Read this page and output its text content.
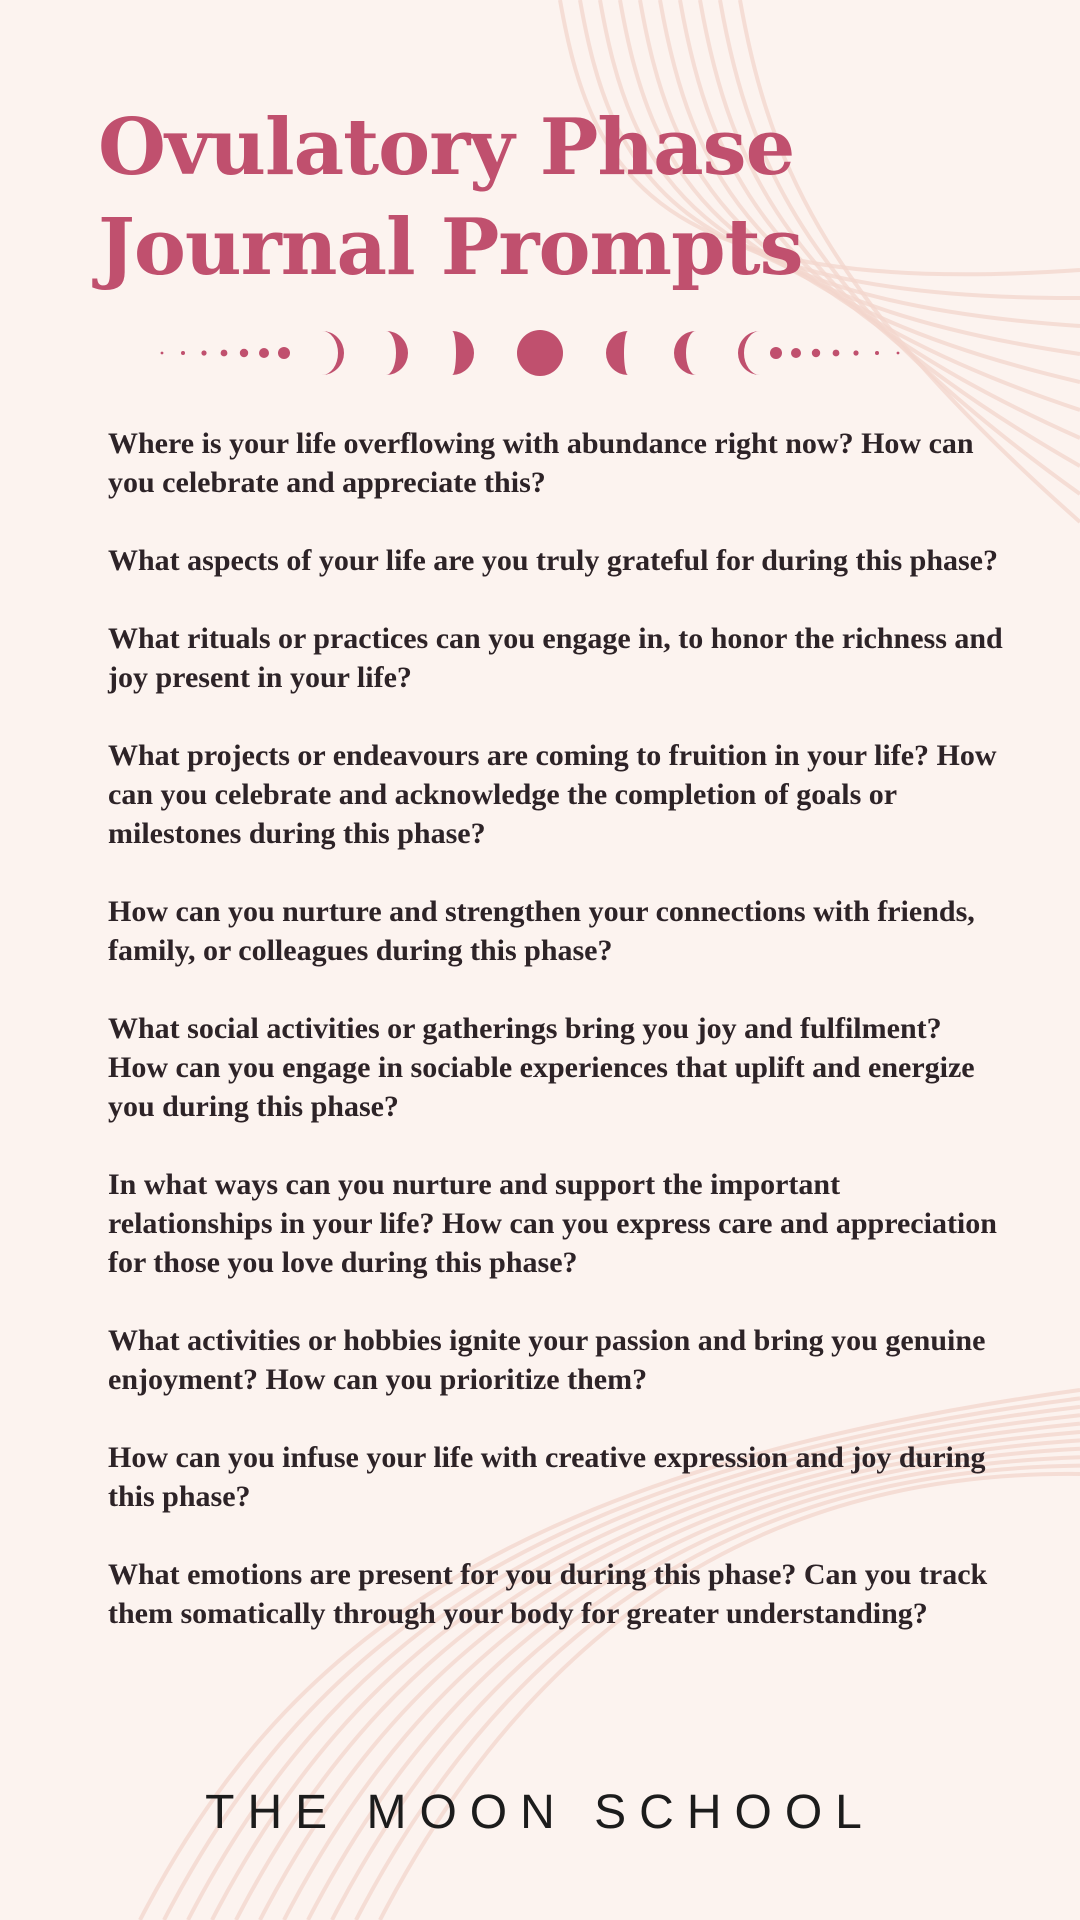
Ovulatory Phase
Journal Prompts
Where is your life overflowing with abundance right now? How can you celebrate and appreciate this?
What aspects of your life are you truly grateful for during this phase?
What rituals or practices can you engage in, to honor the richness and joy present in your life?
What projects or endeavours are coming to fruition in your life? How can you celebrate and acknowledge the completion of goals or milestones during this phase?
How can you nurture and strengthen your connections with friends, family, or colleagues during this phase?
What social activities or gatherings bring you joy and fulfilment? How can you engage in sociable experiences that uplift and energize you during this phase?
In what ways can you nurture and support the important relationships in your life? How can you express care and appreciation for those you love during this phase?
What activities or hobbies ignite your passion and bring you genuine enjoyment? How can you prioritize them?
How can you infuse your life with creative expression and joy during this phase?
What emotions are present for you during this phase? Can you track them somatically through your body for greater understanding?
THE MOON SCHOOL
